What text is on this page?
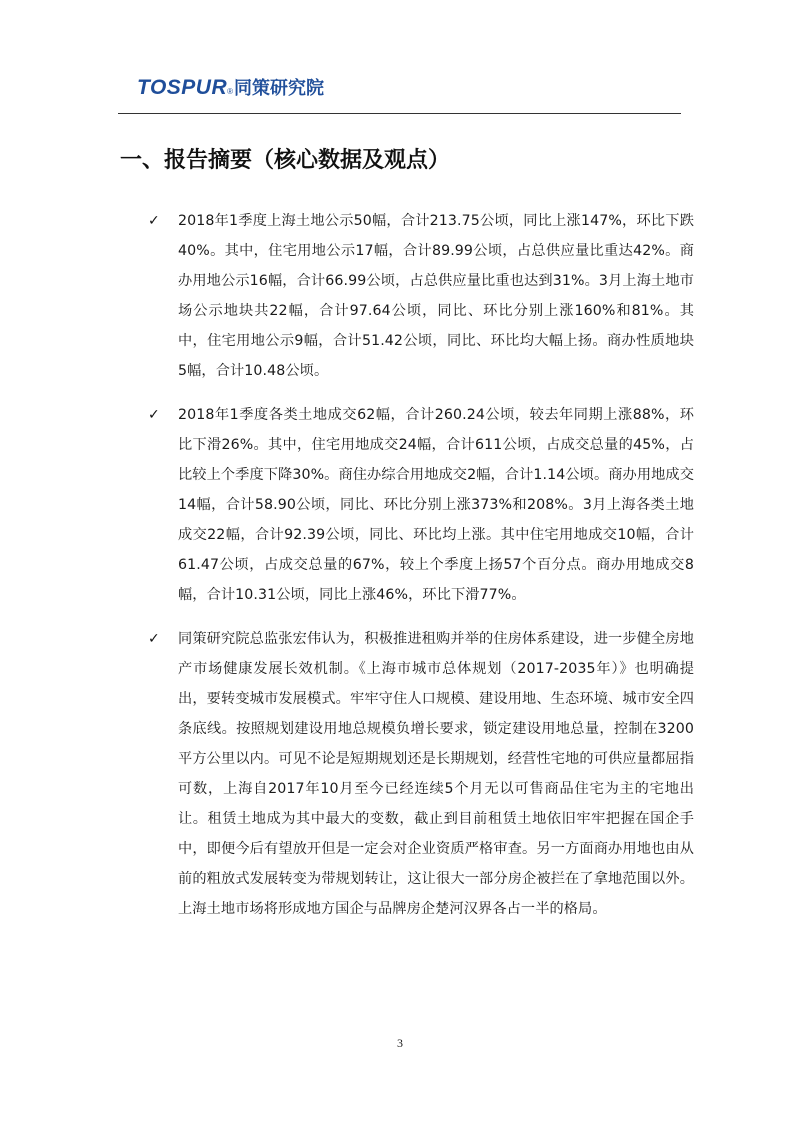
TOSPUR ® 同策研究院
一、报告摘要（核心数据及观点）
✓	2018年1季度上海土地公示50幅，合计213.75公顷，同比上涨147%，环比下跌40%。其中，住宅用地公示17幅，合计89.99公顷，占总供应量比重达42%。商办用地公示16幅，合计66.99公顷，占总供应量比重也达到31%。3月上海土地市场公示地块共22幅，合计97.64公顷，同比、环比分别上涨160%和81%。其中，住宅用地公示9幅，合计51.42公顷，同比、环比均大幅上扬。商办性质地块5幅，合计10.48公顷。

✓	2018年1季度各类土地成交62幅，合计260.24公顷，较去年同期上涨88%，环比下滑26%。其中，住宅用地成交24幅，合计611公顷，占成交总量的45%，占比较上个季度下降30%。商住办综合用地成交2幅，合计1.14公顷。商办用地成交14幅，合计58.90公顷，同比、环比分别上涨373%和208%。3月上海各类土地成交22幅，合计92.39公顷，同比、环比均上涨。其中住宅用地成交10幅，合计61.47公顷，占成交总量的67%，较上个季度上扬57个百分点。商办用地成交8幅，合计10.31公顷，同比上涨46%，环比下滑77%。

✓	同策研究院总监张宏伟认为，积极推进租购并举的住房体系建设，进一步健全房地产市场健康发展长效机制。《上海市城市总体规划（2017-2035年）》也明确提出，要转变城市发展模式。牢牢守住人口规模、建设用地、生态环境、城市安全四条底线。按照规划建设用地总规模负增长要求，锁定建设用地总量，控制在3200平方公里以内。可见不论是短期规划还是长期规划，经营性宅地的可供应量都屈指可数，上海自2017年10月至今已经连续5个月无以可售商品住宅为主的宅地出让。租赁土地成为其中最大的变数，截止到目前租赁土地依旧牢牢把握在国企手中，即便今后有望放开但是一定会对企业资质严格审查。另一方面商办用地也由从前的粗放式发展转变为带规划转让，这让很大一部分房企被拦在了拿地范围以外。上海土地市场将形成地方国企与品牌房企楚河汉界各占一半的格局。

3
